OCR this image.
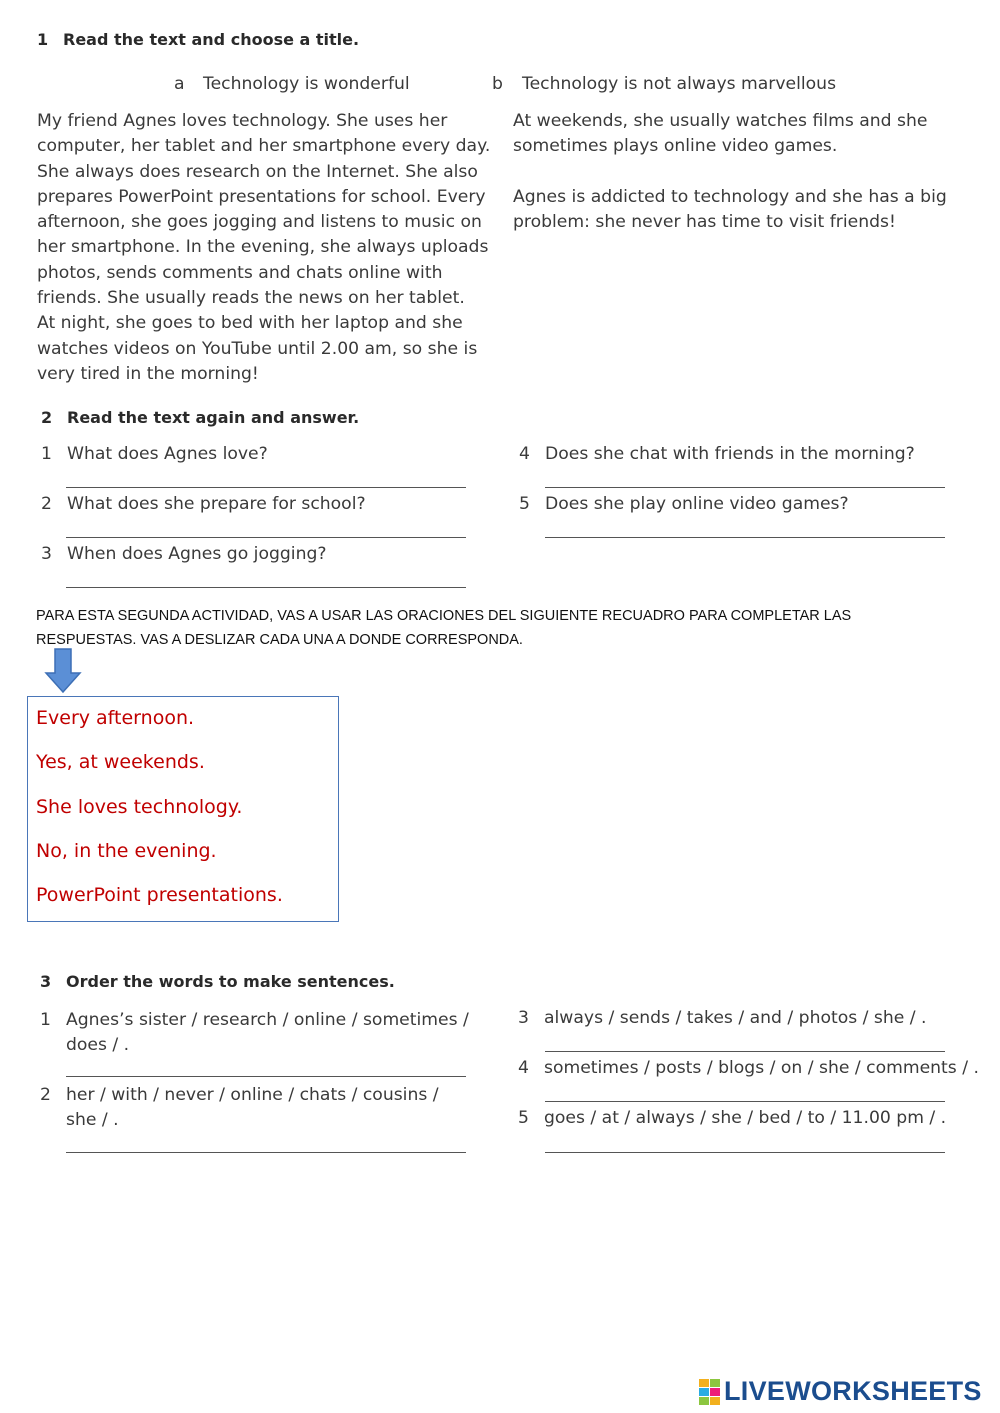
1 Read the text and choose a title.
a Technology is wonderful	b Technology is not always marvellous
My friend Agnes loves technology. She uses her
computer, her tablet and her smartphone every day.
She always does research on the Internet. She also
prepares PowerPoint presentations for school. Every
afternoon, she goes jogging and listens to music on
her smartphone. In the evening, she always uploads
photos, sends comments and chats online with
friends. She usually reads the news on her tablet.
At night, she goes to bed with her laptop and she
watches videos on YouTube until 2.00 am, so she is
very tired in the morning!
At weekends, she usually watches films and she
sometimes plays online video games.
Agnes is addicted to technology and she has a big
problem: she never has time to visit friends!
2 Read the text again and answer.
1 What does Agnes love?
2 What does she prepare for school?
3 When does Agnes go jogging?
4 Does she chat with friends in the morning?
5 Does she play online video games?
PARA ESTA SEGUNDA ACTIVIDAD, VAS A USAR LAS ORACIONES DEL SIGUIENTE RECUADRO PARA COMPLETAR LAS
RESPUESTAS. VAS A DESLIZAR CADA UNA A DONDE CORRESPONDA.
Every afternoon.
Yes, at weekends.
She loves technology.
No, in the evening.
PowerPoint presentations.
3 Order the words to make sentences.
1 Agnes’s sister / research / online / sometimes /
does / .
2 her / with / never / online / chats / cousins /
she / .
3 always / sends / takes / and / photos / she / .
4 sometimes / posts / blogs / on / she / comments / .
5 goes / at / always / she / bed / to / 11.00 pm / .
LIVEWORKSHEETS
